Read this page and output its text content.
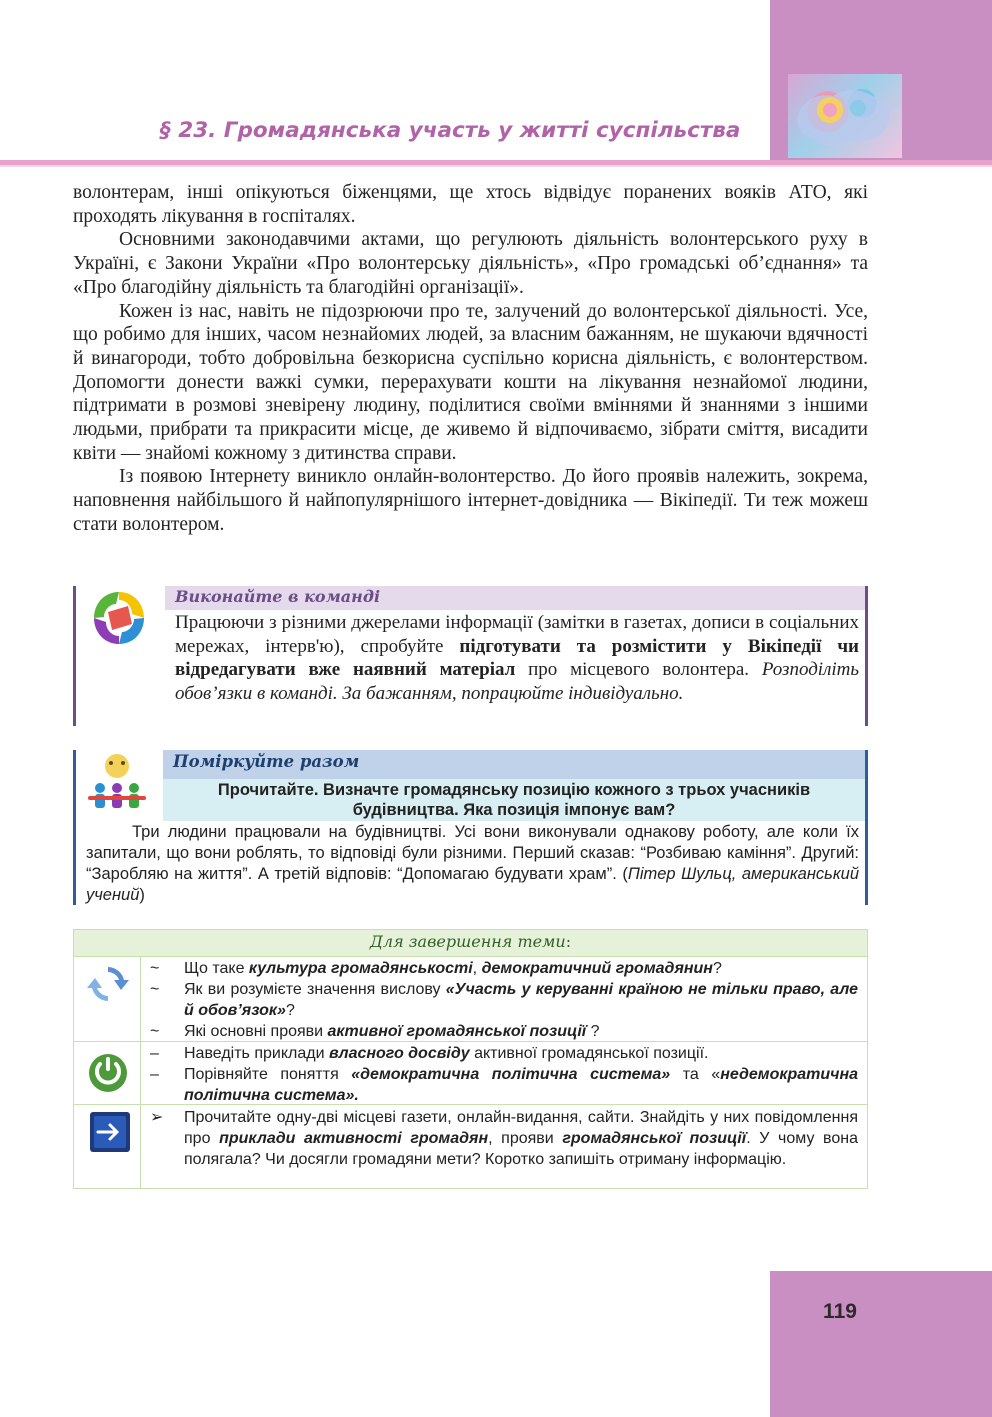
§ 23. Громадянська участь у житті суспільства

волонтерам, інші опікуються біженцями, ще хтось відвідує поранених вояків АТО, які проходять лікування в госпіталях.

Основними законодавчими актами, що регулюють діяльність волонтерського руху в Україні, є Закони України «Про волонтерську діяльність», «Про громадські об’єднання» та «Про благодійну діяльність та благодійні організації».

Кожен із нас, навіть не підозрюючи про те, залучений до волонтерської діяльності. Усе, що робимо для інших, часом незнайомих людей, за власним бажанням, не шукаючи вдячності й винагороди, тобто добровільна безкорисна суспільно корисна діяльність, є волонтерством. Допомогти донести важкі сумки, перерахувати кошти на лікування незнайомої людини, підтримати в розмові зневірену людину, поділитися своїми вміннями й знаннями з іншими людьми, прибрати та прикрасити місце, де живемо й відпочиваємо, зібрати сміття, висадити квіти — знайомі кожному з дитинства справи.

Із появою Інтернету виникло онлайн-волонтерство. До його проявів належить, зокрема, наповнення найбільшого й найпопулярнішого інтернет-довідника — Вікіпедії. Ти теж можеш стати волонтером.

Виконайте в команді
Працюючи з різними джерелами інформації (замітки в газетах, дописи в соціальних мережах, інтерв'ю), спробуйте підготувати та розмістити у Вікіпедії чи відредагувати вже наявний матеріал про місцевого волонтера. Розподіліть обов’язки в команді. За бажанням, попрацюйте індивідуально.
Поміркуйте разом
Прочитайте. Визначте громадянську позицію кожного з трьох учасників будівництва. Яка позиція імпонує вам?
Три людини працювали на будівництві. Усі вони виконували однакову роботу, але коли їх запитали, що вони роблять, то відповіді були різними. Перший сказав: “Розбиваю каміння”. Другий: “Заробляю на життя”. А третій відповів: “Допомагаю будувати храм”. (Пітер Шульц, американський учений)
Для завершення теми:
~	Що таке культура громадянськості, демократичний громадянин?
~	Як ви розумієте значення вислову «Участь у керуванні країною не тільки право, але й обов’язок»?
~	Які основні прояви активної громадянської позиції ?
–	Наведіть приклади власного досвіду активної громадянської позиції.
–	Порівняйте поняття «демократична політична система» та «недемократична політична система».
➢	Прочитайте одну-дві місцеві газети, онлайн-видання, сайти. Знайдіть у них повідомлення про приклади активності громадян, прояви громадянської позиції. У чому вона полягала? Чи досягли громадяни мети? Коротко запишіть отриману інформацію.
119
